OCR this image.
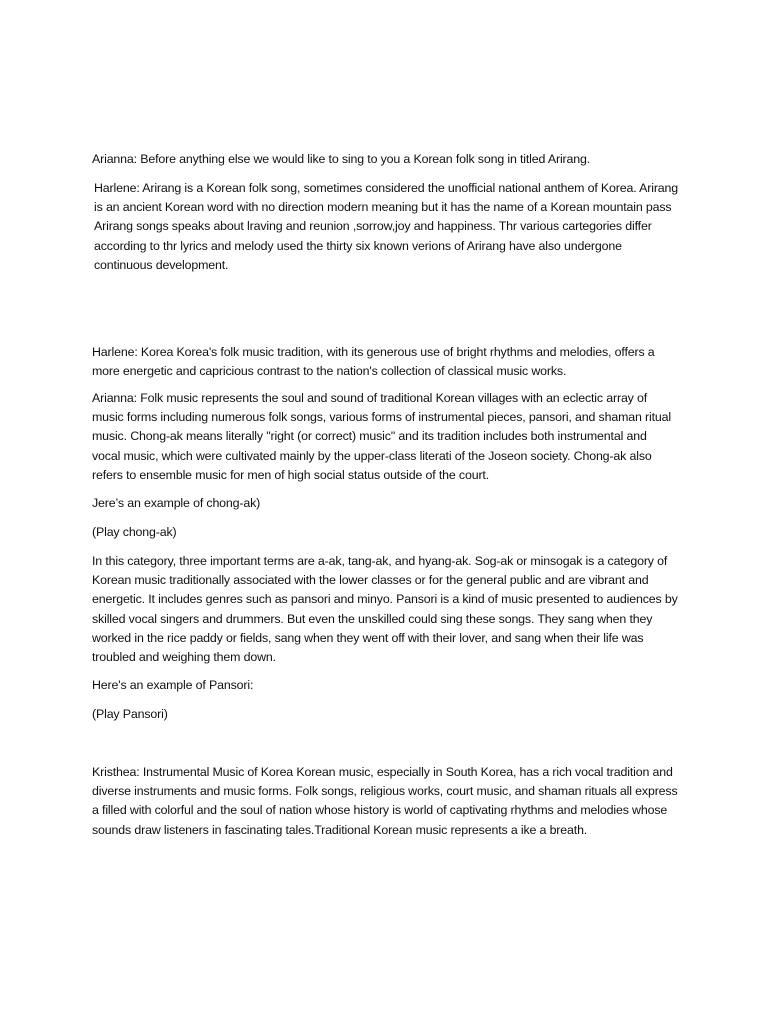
Arianna: Before anything else we would like to sing to you a Korean folk song in titled Arirang.

Harlene: Arirang is a Korean folk song, sometimes considered the unofficial national anthem of Korea. Arirang is an ancient Korean word with no direction modern meaning but it has the name of a Korean mountain pass Arirang songs speaks about lraving and reunion ,sorrow,joy and happiness. Thr various cartegories differ according to thr lyrics and melody used the thirty six known verions of Arirang have also undergone continuous development.

Harlene: Korea Korea's folk music tradition, with its generous use of bright rhythms and melodies, offers a more energetic and capricious contrast to the nation's collection of classical music works.

Arianna: Folk music represents the soul and sound of traditional Korean villages with an eclectic array of music forms including numerous folk songs, various forms of instrumental pieces, pansori, and shaman ritual music. Chong-ak means literally "right (or correct) music" and its tradition includes both instrumental and vocal music, which were cultivated mainly by the upper-class literati of the Joseon society. Chong-ak also refers to ensemble music for men of high social status outside of the court.

Jere’s an example of chong-ak)

(Play chong-ak)

In this category, three important terms are a-ak, tang-ak, and hyang-ak. Sog-ak or minsogak is a category of Korean music traditionally associated with the lower classes or for the general public and are vibrant and energetic. It includes genres such as pansori and minyo. Pansori is a kind of music presented to audiences by skilled vocal singers and drummers. But even the unskilled could sing these songs. They sang when they worked in the rice paddy or fields, sang when they went off with their lover, and sang when their life was troubled and weighing them down.

Here's an example of Pansori:

(Play Pansori)

Kristhea: Instrumental Music of Korea Korean music, especially in South Korea, has a rich vocal tradition and diverse instruments and music forms. Folk songs, religious works, court music, and shaman rituals all express a filled with colorful and the soul of nation whose history is world of captivating rhythms and melodies whose sounds draw listeners in fascinating tales.Traditional Korean music represents a ike a breath.
